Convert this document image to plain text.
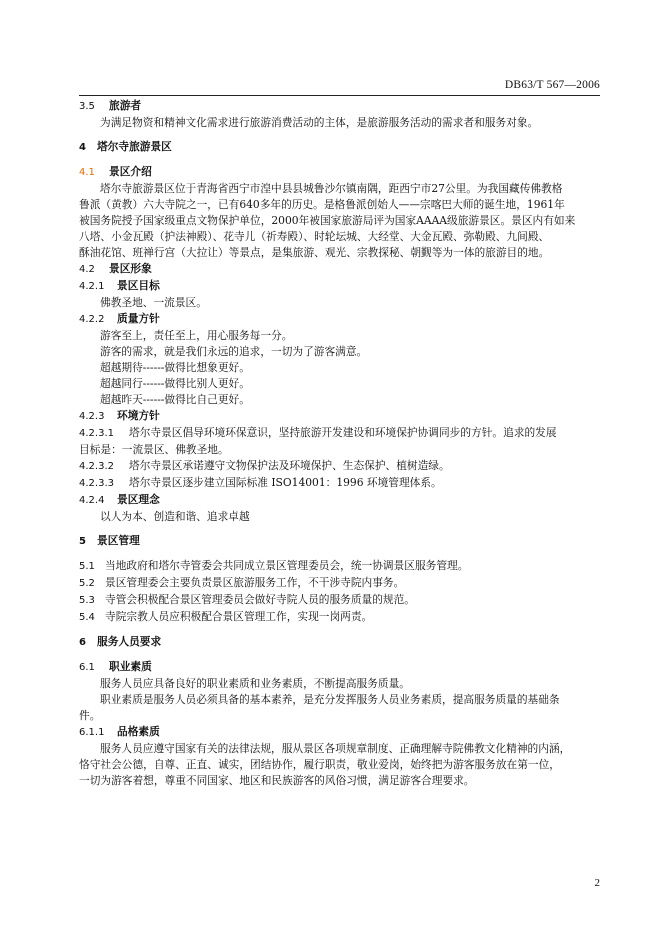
DB63/T 567—2006
3.5 旅游者
为满足物资和精神文化需求进行旅游消费活动的主体，是旅游服务活动的需求者和服务对象。
4 塔尔寺旅游景区
4.1 景区介绍
塔尔寺旅游景区位于青海省西宁市湟中县县城鲁沙尔镇南隅，距西宁市27公里。为我国藏传佛教格
鲁派（黄教）六大寺院之一，已有640多年的历史。是格鲁派创始人——宗喀巴大师的诞生地，1961年
被国务院授予国家级重点文物保护单位，2000年被国家旅游局评为国家AAAA级旅游景区。景区内有如来
八塔、小金瓦殿（护法神殿）、花寺儿（祈寿殿）、时轮坛城、大经堂、大金瓦殿、弥勒殿、九间殿、
酥油花馆、班禅行宫（大拉让）等景点，是集旅游、观光、宗教探秘、朝觐等为一体的旅游目的地。
4.2 景区形象
4.2.1 景区目标
佛教圣地、一流景区。
4.2.2 质量方针
游客至上，责任至上，用心服务每一分。
游客的需求，就是我们永远的追求，一切为了游客满意。
超越期待------做得比想象更好。
超越同行------做得比别人更好。
超越昨天------做得比自己更好。
4.2.3 环境方针
4.2.3.1 塔尔寺景区倡导环境环保意识，坚持旅游开发建设和环境保护协调同步的方针。追求的发展
目标是：一流景区、佛教圣地。
4.2.3.2 塔尔寺景区承诺遵守文物保护法及环境保护、生态保护、植树造绿。
4.2.3.3 塔尔寺景区逐步建立国际标准 ISO14001：1996 环境管理体系。
4.2.4 景区理念
以人为本、创造和谐、追求卓越
5 景区管理
5.1 当地政府和塔尔寺管委会共同成立景区管理委员会，统一协调景区服务管理。
5.2 景区管理委会主要负责景区旅游服务工作，不干涉寺院内事务。
5.3 寺管会积极配合景区管理委员会做好寺院人员的服务质量的规范。
5.4 寺院宗教人员应积极配合景区管理工作，实现一岗两责。
6 服务人员要求
6.1 职业素质
服务人员应具备良好的职业素质和业务素质，不断提高服务质量。
职业素质是服务人员必须具备的基本素养，是充分发挥服务人员业务素质，提高服务质量的基础条
件。
6.1.1 品格素质
服务人员应遵守国家有关的法律法规，服从景区各项规章制度、正确理解寺院佛教文化精神的内涵，
恪守社会公德，自尊、正直、诚实，团结协作，履行职责，敬业爱岗，始终把为游客服务放在第一位，
一切为游客着想，尊重不同国家、地区和民族游客的风俗习惯，满足游客合理要求。
2
